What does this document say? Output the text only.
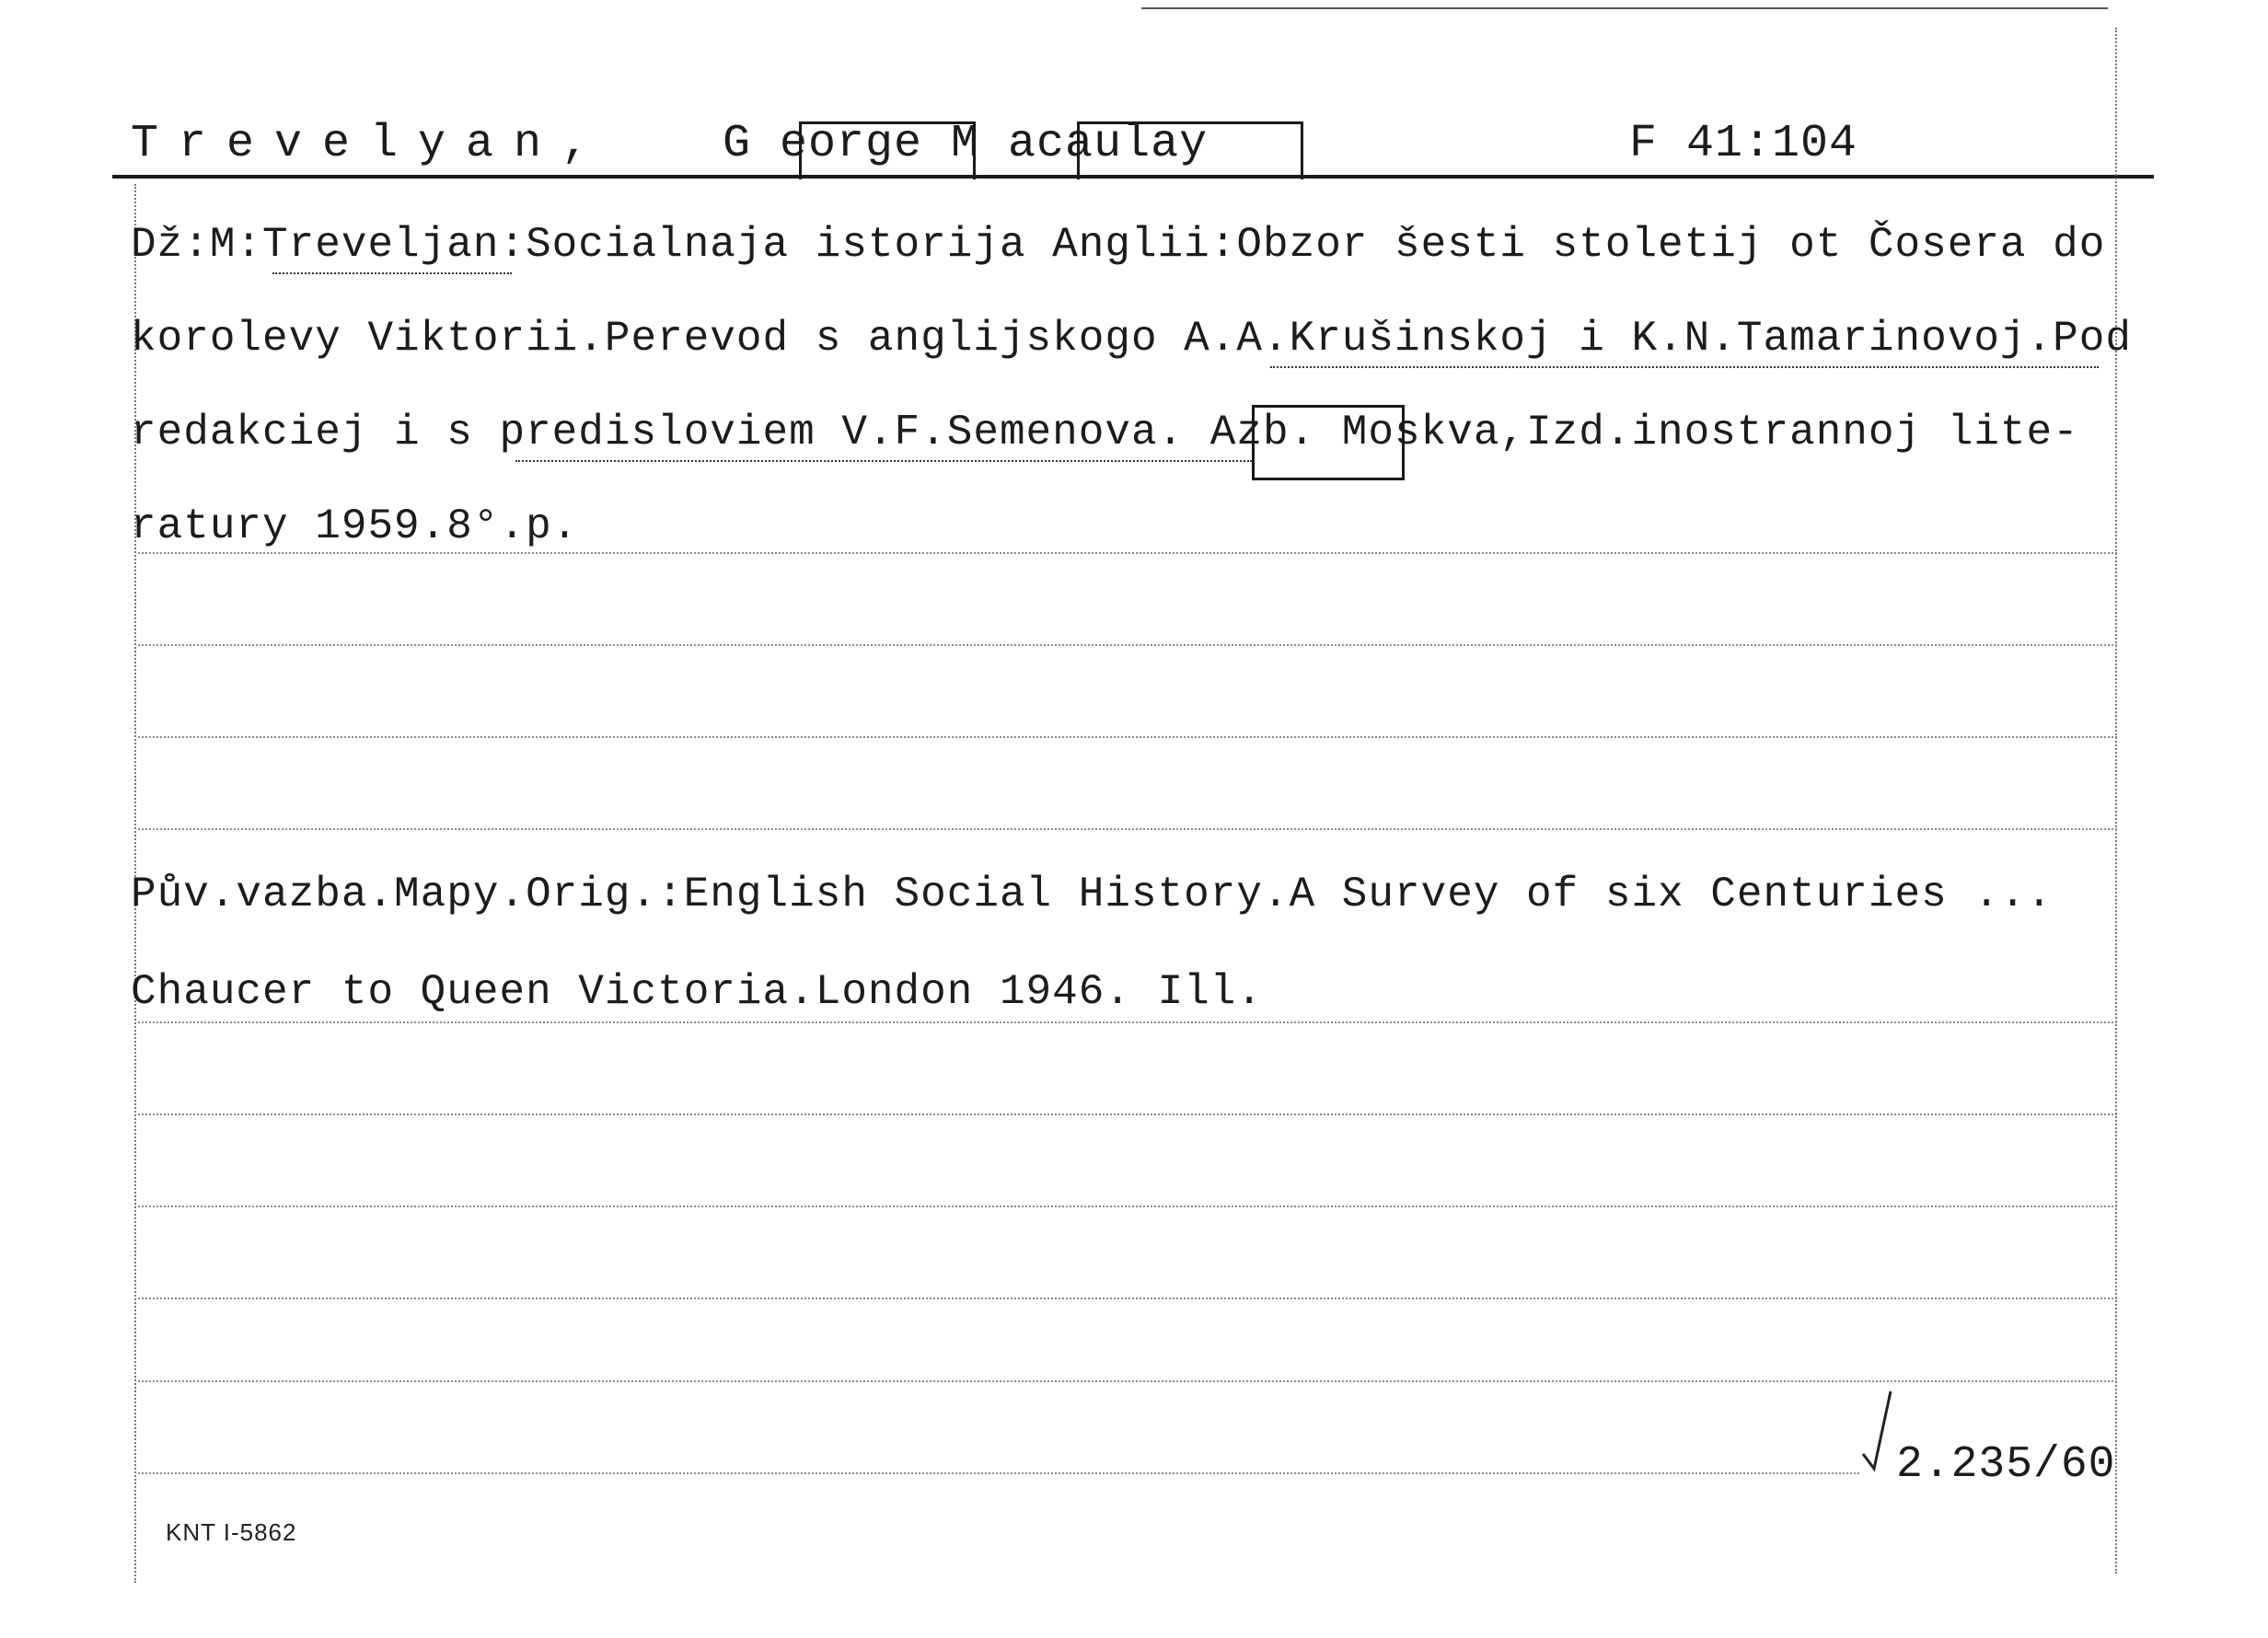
Trevelyan, G eorge M acaulay	F 41:104
Dž:M:Treveljan:Socialnaja istorija Anglii:Obzor šesti stoletij ot Čosera do
korolevy Viktorii.Perevod s anglijskogo A.A.Krušinskoj i K.N.Tamarinovoj.Pod
redakciej i s predisloviem V.F.Semenova. Azb. Moskva,Izd.inostrannoj lite-
ratury 1959.8°.p.
Pův.vazba.Mapy.Orig.:English Social History.A Survey of six Centuries ...
Chaucer to Queen Victoria.London 1946. Ill.
2.235/60
KNT I-5862
